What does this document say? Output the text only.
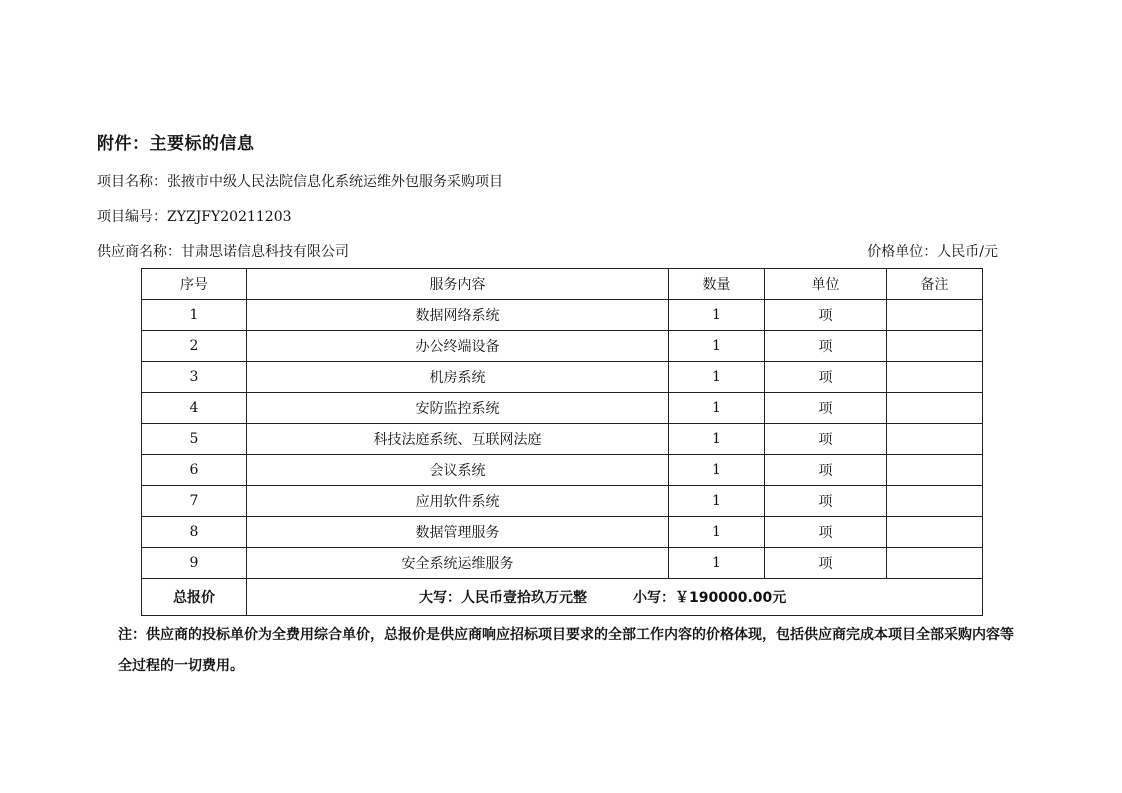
附件：主要标的信息
项目名称：张掖市中级人民法院信息化系统运维外包服务采购项目
项目编号：ZYZJFY20211203
供应商名称：甘肃思诺信息科技有限公司	价格单位：人民币/元
序号	服务内容	数量	单位	备注
1	数据网络系统	1	项	
2	办公终端设备	1	项	
3	机房系统	1	项	
4	安防监控系统	1	项	
5	科技法庭系统、互联网法庭	1	项	
6	会议系统	1	项	
7	应用软件系统	1	项	
8	数据管理服务	1	项	
9	安全系统运维服务	1	项	
总报价	大写：人民币壹拾玖万元整 小写：￥190000.00元			
注：供应商的投标单价为全费用综合单价，总报价是供应商响应招标项目要求的全部工作内容的价格体现，包括供应商完成本项目全部采购内容等全过程的一切费用。
